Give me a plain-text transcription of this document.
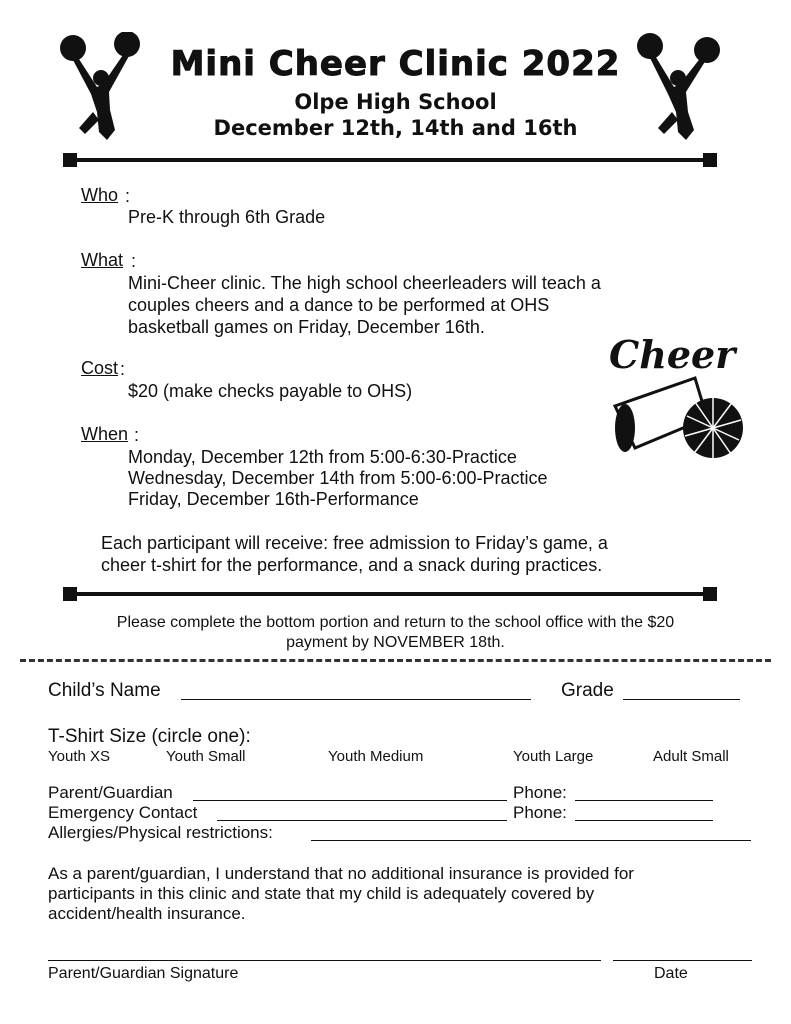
Mini Cheer Clinic 2022
Olpe High School
December 12th, 14th and 16th
Who :
Pre-K through 6th Grade
What :
Mini-Cheer clinic. The high school cheerleaders will teach a
couples cheers and a dance to be performed at OHS
basketball games on Friday, December 16th.
Cheer
Cost :
$20 (make checks payable to OHS)
When :
Monday, December 12th from 5:00-6:30-Practice
Wednesday, December 14th from 5:00-6:00-Practice
Friday, December 16th-Performance
Each participant will receive: free admission to Friday’s game, a
cheer t-shirt for the performance, and a snack during practices.
Please complete the bottom portion and return to the school office with the $20
payment by NOVEMBER 18th.
Child’s Name	Grade
T-Shirt Size (circle one):
Youth XS	Youth Small	Youth Medium	Youth Large	Adult Small
Parent/Guardian	Phone:
Emergency Contact	Phone:
Allergies/Physical restrictions:
As a parent/guardian, I understand that no additional insurance is provided for
participants in this clinic and state that my child is adequately covered by
accident/health insurance.
Parent/Guardian Signature	Date
